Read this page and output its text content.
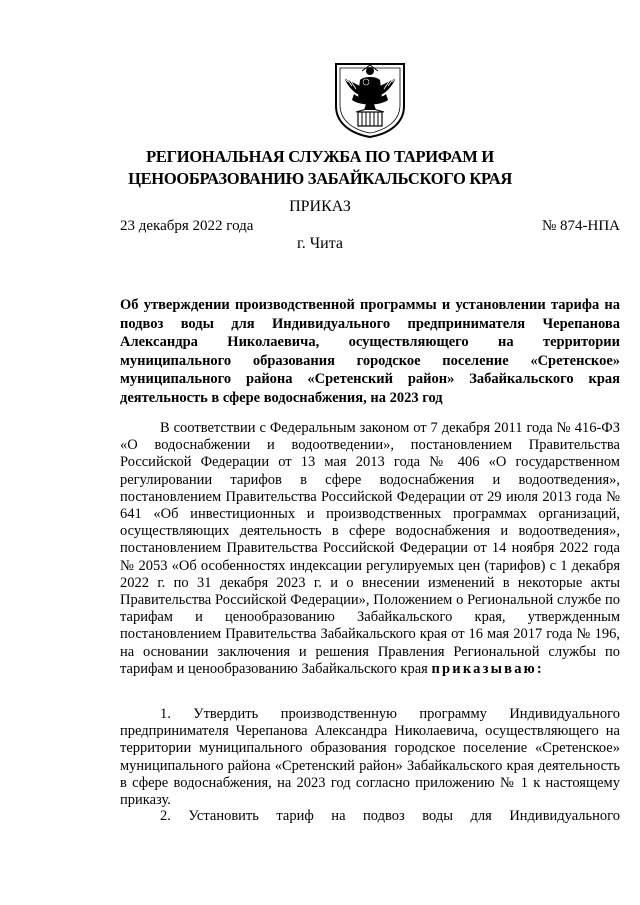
РЕГИОНАЛЬНАЯ СЛУЖБА ПО ТАРИФАМ И
ЦЕНООБРАЗОВАНИЮ ЗАБАЙКАЛЬСКОГО КРАЯ
ПРИКАЗ
23 декабря 2022 года	№ 874-НПА
г. Чита
Об утверждении производственной программы и установлении тарифа на подвоз воды для Индивидуального предпринимателя Черепанова Александра Николаевича, осуществляющего на территории муниципального образования городское поселение «Сретенское» муниципального района «Сретенский район» Забайкальского края деятельность в сфере водоснабжения, на 2023 год
В соответствии с Федеральным законом от 7 декабря 2011 года № 416-ФЗ «О водоснабжении и водоотведении», постановлением Правительства Российской Федерации от 13 мая 2013 года № 406 «О государственном регулировании тарифов в сфере водоснабжения и водоотведения», постановлением Правительства Российской Федерации от 29 июля 2013 года № 641 «Об инвестиционных и производственных программах организаций, осуществляющих деятельность в сфере водоснабжения и водоотведения», постановлением Правительства Российской Федерации от 14 ноября 2022 года № 2053 «Об особенностях индексации регулируемых цен (тарифов) с 1 декабря 2022 г. по 31 декабря 2023 г. и о внесении изменений в некоторые акты Правительства Российской Федерации», Положением о Региональной службе по тарифам и ценообразованию Забайкальского края, утвержденным постановлением Правительства Забайкальского края от 16 мая 2017 года № 196, на основании заключения и решения Правления Региональной службы по тарифам и ценообразованию Забайкальского края приказываю:
1. Утвердить производственную программу Индивидуального предпринимателя Черепанова Александра Николаевича, осуществляющего на территории муниципального образования городское поселение «Сретенское» муниципального района «Сретенский район» Забайкальского края деятельность в сфере водоснабжения, на 2023 год согласно приложению № 1 к настоящему приказу.
2. Установить тариф на подвоз воды для Индивидуального
